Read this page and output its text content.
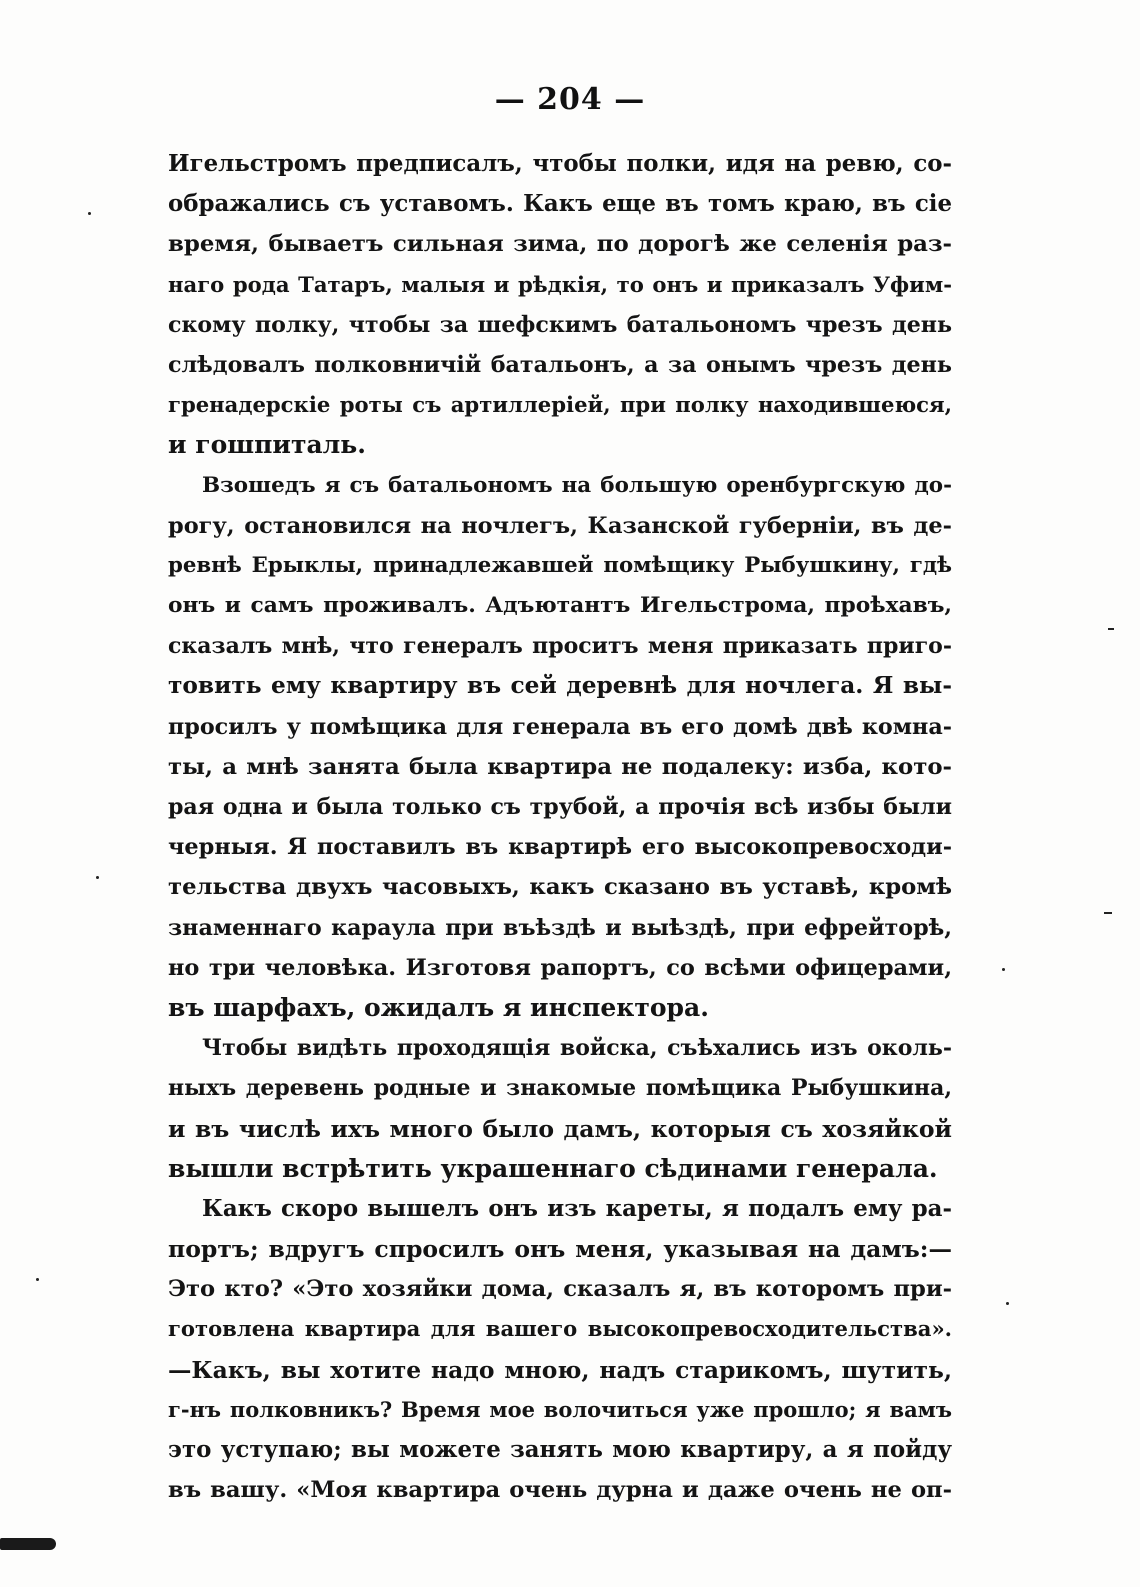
— 204 —
Игельстромъ предписалъ, чтобы полки, идя на ревю, со-
ображались съ уставомъ. Какъ еще въ томъ краю, въ сіе
время, бываетъ сильная зима, по дорогѣ же селенія раз-
наго рода Татаръ, малыя и рѣдкія, то онъ и приказалъ Уфим-
скому полку, чтобы за шефскимъ батальономъ чрезъ день
слѣдовалъ полковничій батальонъ, а за онымъ чрезъ день
гренадерскіе роты съ артиллеріей, при полку находившеюся,
и гошпиталь.
Взошедъ я съ батальономъ на большую оренбургскую до-
рогу, остановился на ночлегъ, Казанской губерніи, въ де-
ревнѣ Ерыклы, принадлежавшей помѣщику Рыбушкину, гдѣ
онъ и самъ проживалъ. Адъютантъ Игельстрома, проѣхавъ,
сказалъ мнѣ, что генералъ проситъ меня приказать приго-
товить ему квартиру въ сей деревнѣ для ночлега. Я вы-
просилъ у помѣщика для генерала въ его домѣ двѣ комна-
ты, а мнѣ занята была квартира не подалеку: изба, кото-
рая одна и была только съ трубой, а прочія всѣ избы были
черныя. Я поставилъ въ квартирѣ его высокопревосходи-
тельства двухъ часовыхъ, какъ сказано въ уставѣ, кромѣ
знаменнаго караула при въѣздѣ и выѣздѣ, при ефрейторѣ,
но три человѣка. Изготовя рапортъ, со всѣми офицерами,
въ шарфахъ, ожидалъ я инспектора.
Чтобы видѣть проходящія войска, съѣхались изъ околь-
ныхъ деревень родные и знакомые помѣщика Рыбушкина,
и въ числѣ ихъ много было дамъ, которыя съ хозяйкой
вышли встрѣтить украшеннаго сѣдинами генерала.
Какъ скоро вышелъ онъ изъ кареты, я подалъ ему ра-
портъ; вдругъ спросилъ онъ меня, указывая на дамъ:—
Это кто? «Это хозяйки дома, сказалъ я, въ которомъ при-
готовлена квартира для вашего высокопревосходительства».
—Какъ, вы хотите надо мною, надъ старикомъ, шутить,
г-нъ полковникъ? Время мое волочиться уже прошло; я вамъ
это уступаю; вы можете занять мою квартиру, а я пойду
въ вашу. «Моя квартира очень дурна и даже очень не оп-
